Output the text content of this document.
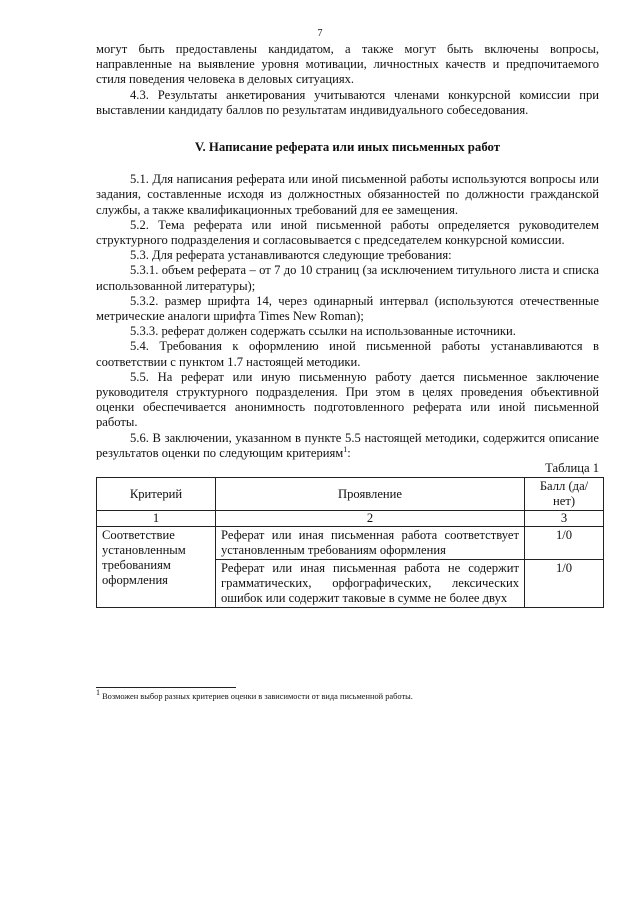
7

могут быть предоставлены кандидатом, а также могут быть включены вопросы, направленные на выявление уровня мотивации, личностных качеств и предпочитаемого стиля поведения человека в деловых ситуациях.

4.3. Результаты анкетирования учитываются членами конкурсной комиссии при выставлении кандидату баллов по результатам индивидуального собеседования.

V. Написание реферата или иных письменных работ

5.1. Для написания реферата или иной письменной работы используются вопросы или задания, составленные исходя из должностных обязанностей по должности гражданской службы, а также квалификационных требований для ее замещения.

5.2. Тема реферата или иной письменной работы определяется руководителем структурного подразделения и согласовывается с председателем конкурсной комиссии.

5.3. Для реферата устанавливаются следующие требования:

5.3.1. объем реферата – от 7 до 10 страниц (за исключением титульного листа и списка использованной литературы);

5.3.2. размер шрифта 14, через одинарный интервал (используются отечественные метрические аналоги шрифта Times New Roman);

5.3.3. реферат должен содержать ссылки на использованные источники.

5.4. Требования к оформлению иной письменной работы устанавливаются в соответствии с пунктом 1.7 настоящей методики.

5.5. На реферат или иную письменную работу дается письменное заключение руководителя структурного подразделения. При этом в целях проведения объективной оценки обеспечивается анонимность подготовленного реферата или иной письменной работы.

5.6. В заключении, указанном в пункте 5.5 настоящей методики, содержится описание результатов оценки по следующим критериям$^1$:

Таблица 1
Критерий	Проявление	Балл (да/нет)
1	2	3
Соответствие установленным требованиям оформления	Реферат или иная письменная работа соответствует установленным требованиям оформления	1/0
	Реферат или иная письменная работа не содержит грамматических, орфографических, лексических ошибок или содержит таковые в сумме не более двух	1/0
$^1$ Возможен выбор разных критериев оценки в зависимости от вида письменной работы.
